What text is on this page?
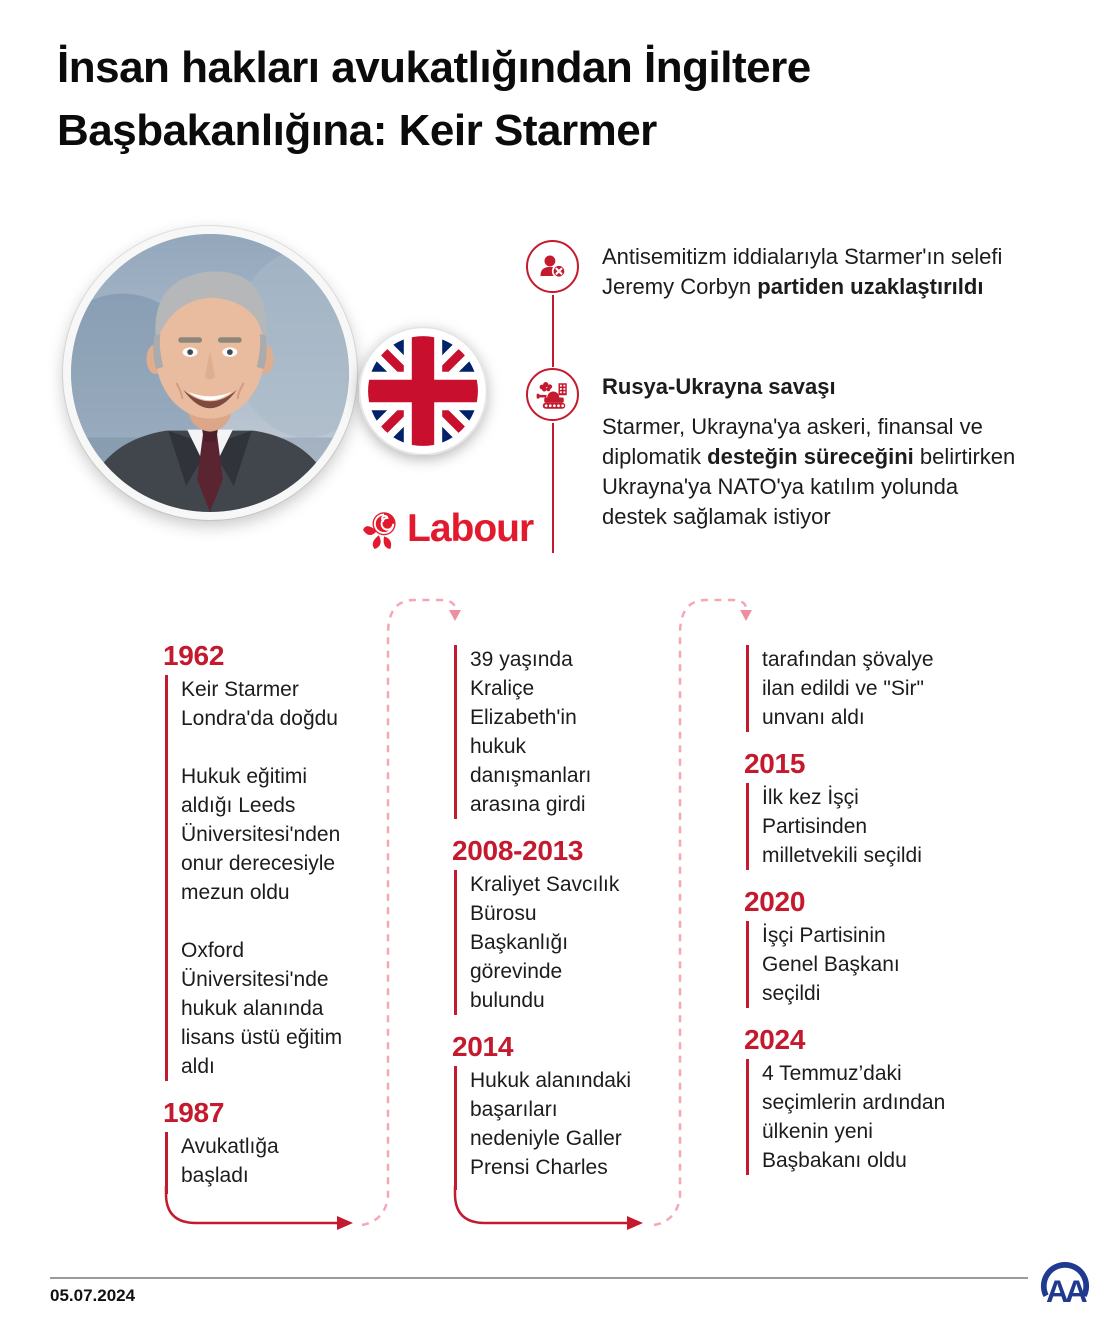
İnsan hakları avukatlığından İngiltere
Başbakanlığına: Keir Starmer
Labour
Antisemitizm iddialarıyla Starmer'ın selefi
Jeremy Corbyn partiden uzaklaştırıldı
Rusya-Ukrayna savaşı
Starmer, Ukrayna'ya askeri, finansal ve
diplomatik desteğin süreceğini belirtirken
Ukrayna'ya NATO'ya katılım yolunda
destek sağlamak istiyor
1962

Keir Starmer
Londra'da doğdu

Hukuk eğitimi
aldığı Leeds
Üniversitesi'nden
onur derecesiyle
mezun oldu

Oxford
Üniversitesi'nde
hukuk alanında
lisans üstü eğitim
aldı

1987

Avukatlığa
başladı

39 yaşında
Kraliçe
Elizabeth'in
hukuk
danışmanları
arasına girdi

2008-2013

Kraliyet Savcılık
Bürosu
Başkanlığı
görevinde
bulundu

2014

Hukuk alanındaki
başarıları
nedeniyle Galler
Prensi Charles

tarafından şövalye
ilan edildi ve "Sir"
unvanı aldı

2015

İlk kez İşçi
Partisinden
milletvekili seçildi

2020

İşçi Partisinin
Genel Başkanı
seçildi

2024

4 Temmuz’daki
seçimlerin ardından
ülkenin yeni
Başbakanı oldu

05.07.2024	AA
